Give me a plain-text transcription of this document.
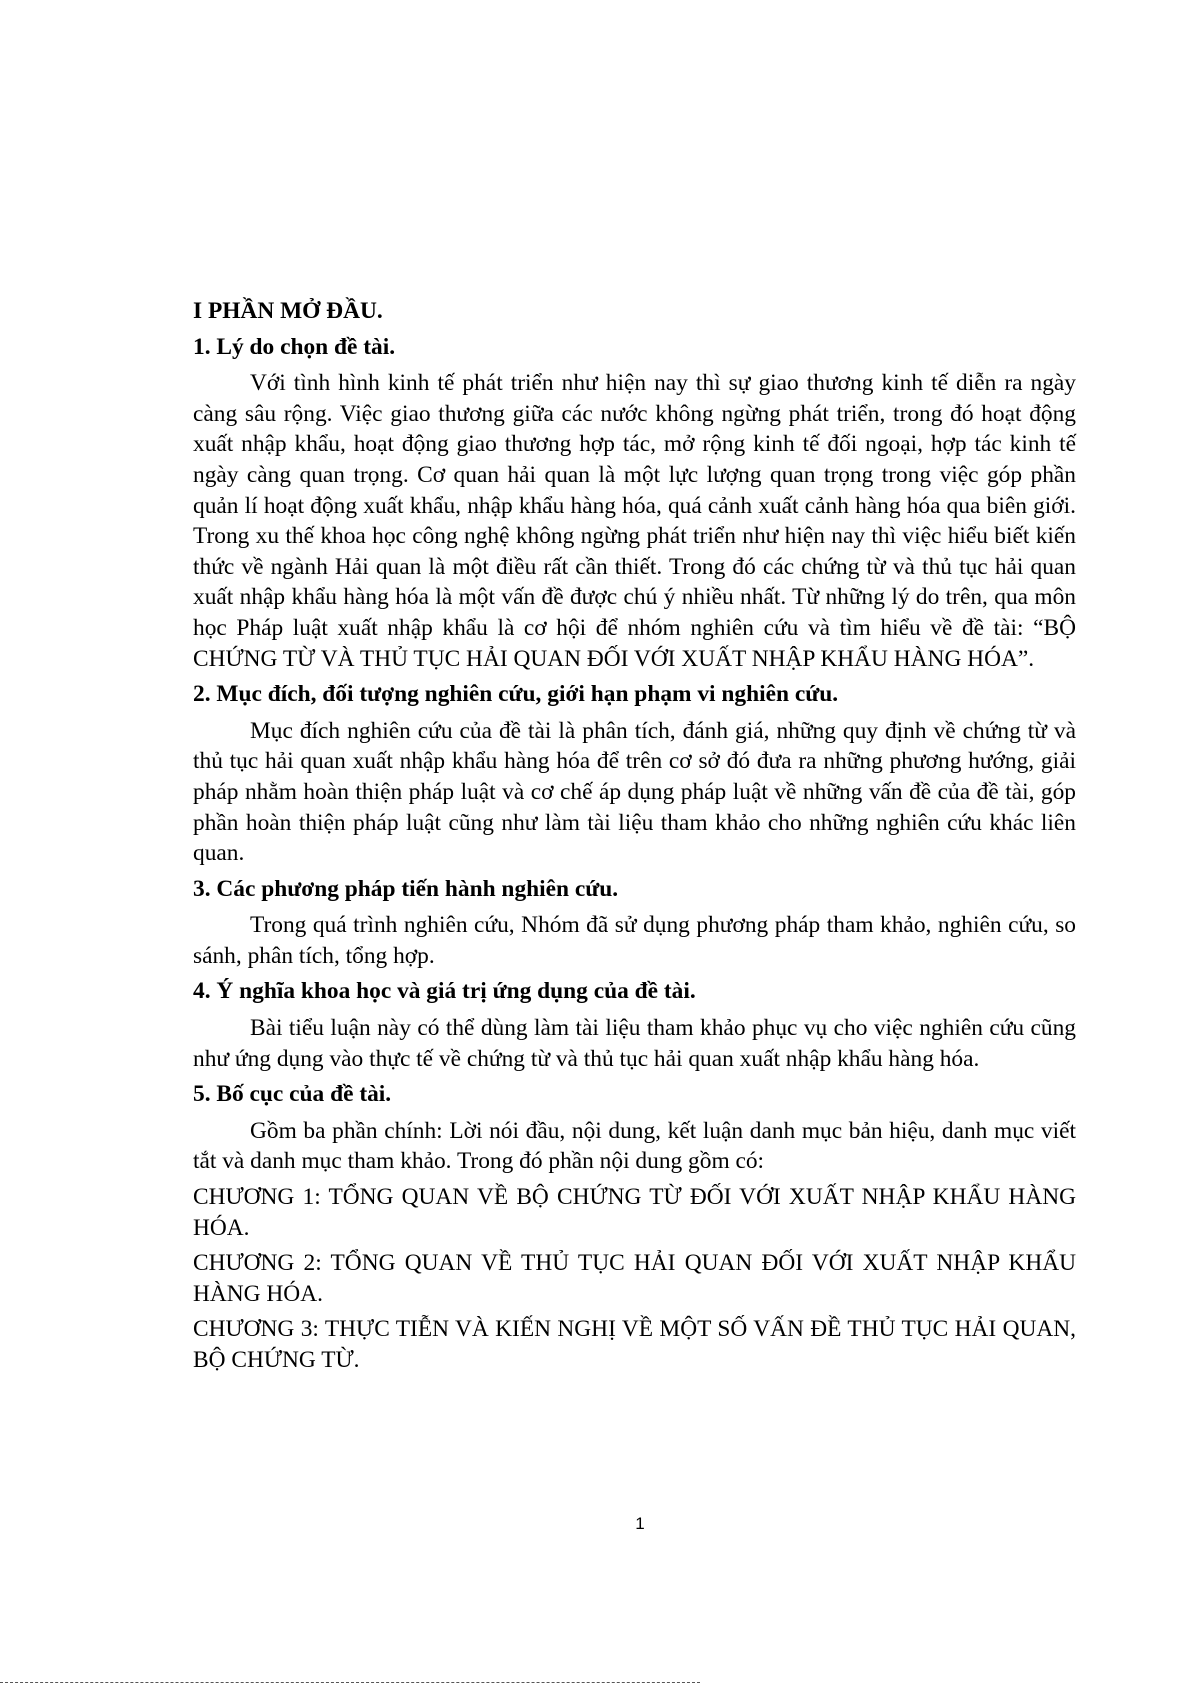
I PHẦN MỞ ĐẦU.
1. Lý do chọn đề tài.
Với tình hình kinh tế phát triển như hiện nay thì sự giao thương kinh tế diễn ra ngày càng sâu rộng. Việc giao thương giữa các nước không ngừng phát triển, trong đó hoạt động xuất nhập khẩu, hoạt động giao thương hợp tác, mở rộng kinh tế đối ngoại, hợp tác kinh tế ngày càng quan trọng. Cơ quan hải quan là một lực lượng quan trọng trong việc góp phần quản lí hoạt động xuất khẩu, nhập khẩu hàng hóa, quá cảnh xuất cảnh hàng hóa qua biên giới. Trong xu thế khoa học công nghệ không ngừng phát triển như hiện nay thì việc hiểu biết kiến thức về ngành Hải quan là một điều rất cần thiết. Trong đó các chứng từ và thủ tục hải quan xuất nhập khẩu hàng hóa là một vấn đề được chú ý nhiều nhất. Từ những lý do trên, qua môn học Pháp luật xuất nhập khẩu là cơ hội để nhóm nghiên cứu và tìm hiểu về đề tài: “BỘ CHỨNG TỪ VÀ THỦ TỤC HẢI QUAN ĐỐI VỚI XUẤT NHẬP KHẨU HÀNG HÓA”.
2. Mục đích, đối tượng nghiên cứu, giới hạn phạm vi nghiên cứu.
Mục đích nghiên cứu của đề tài là phân tích, đánh giá, những quy định về chứng từ và thủ tục hải quan xuất nhập khẩu hàng hóa để trên cơ sở đó đưa ra những phương hướng, giải pháp nhằm hoàn thiện pháp luật và cơ chế áp dụng pháp luật về những vấn đề của đề tài, góp phần hoàn thiện pháp luật cũng như làm tài liệu tham khảo cho những nghiên cứu khác liên quan.
3. Các phương pháp tiến hành nghiên cứu.
Trong quá trình nghiên cứu, Nhóm đã sử dụng phương pháp tham khảo, nghiên cứu, so sánh, phân tích, tổng hợp.
4. Ý nghĩa khoa học và giá trị ứng dụng của đề tài.
Bài tiểu luận này có thể dùng làm tài liệu tham khảo phục vụ cho việc nghiên cứu cũng như ứng dụng vào thực tế về chứng từ và thủ tục hải quan xuất nhập khẩu hàng hóa.
5. Bố cục của đề tài.
Gồm ba phần chính: Lời nói đầu, nội dung, kết luận danh mục bản hiệu, danh mục viết tắt và danh mục tham khảo. Trong đó phần nội dung gồm có:
CHƯƠNG 1: TỔNG QUAN VỀ BỘ CHỨNG TỪ ĐỐI VỚI XUẤT NHẬP KHẨU HÀNG HÓA.
CHƯƠNG 2: TỔNG QUAN VỀ THỦ TỤC HẢI QUAN ĐỐI VỚI XUẤT NHẬP KHẨU HÀNG HÓA.
CHƯƠNG 3: THỰC TIỄN VÀ KIẾN NGHỊ VỀ MỘT SỐ VẤN ĐỀ THỦ TỤC HẢI QUAN, BỘ CHỨNG TỪ.
1
